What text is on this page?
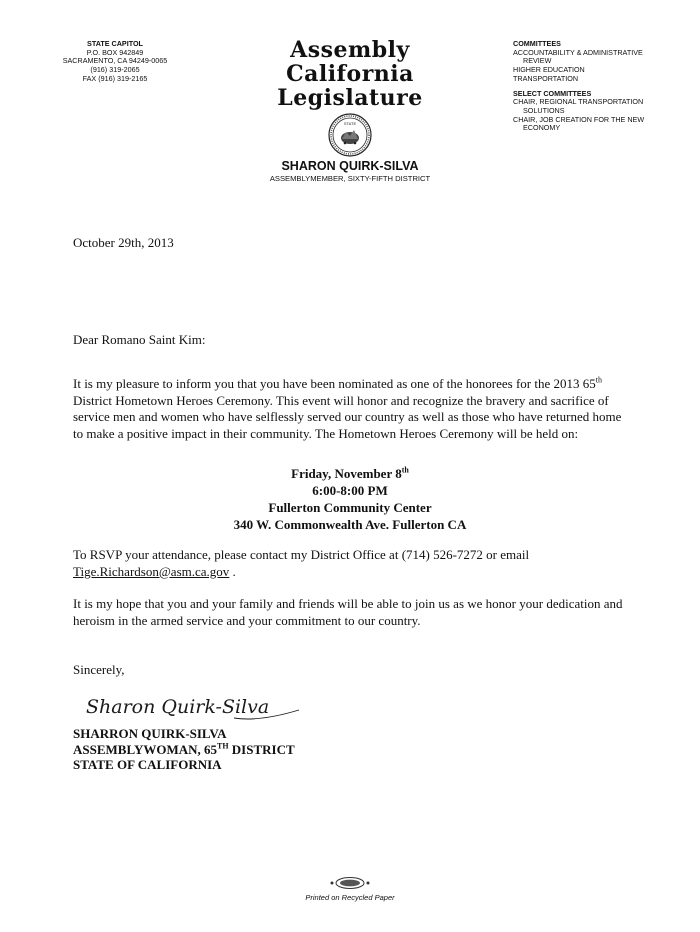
STATE CAPITOL
P.O. BOX 942849
SACRAMENTO, CA 94249-0065
(916) 319-2065
FAX (916) 319-2165
Assembly
California Legislature
STATE
SHARON QUIRK-SILVA
ASSEMBLYMEMBER, SIXTY-FIFTH DISTRICT
COMMITTEES
ACCOUNTABILITY & ADMINISTRATIVE
REVIEW
HIGHER EDUCATION
TRANSPORTATION
SELECT COMMITTEES
CHAIR, REGIONAL TRANSPORTATION
SOLUTIONS
CHAIR, JOB CREATION FOR THE NEW
ECONOMY
October 29th, 2013
Dear Romano Saint Kim:
It is my pleasure to inform you that you have been nominated as one of the honorees for the 2013 65th District Hometown Heroes Ceremony. This event will honor and recognize the bravery and sacrifice of service men and women who have selflessly served our country as well as those who have returned home to make a positive impact in their community. The Hometown Heroes Ceremony will be held on:
Friday, November 8th
6:00-8:00 PM
Fullerton Community Center
340 W. Commonwealth Ave. Fullerton CA
To RSVP your attendance, please contact my District Office at (714) 526-7272 or email
Tige.Richardson@asm.ca.gov .
It is my hope that you and your family and friends will be able to join us as we honor your dedication and heroism in the armed service and your commitment to our country.
Sincerely,
Sharon Quirk-Silva
SHARRON QUIRK-SILVA
ASSEMBLYWOMAN, 65TH DISTRICT
STATE OF CALIFORNIA
Printed on Recycled Paper
